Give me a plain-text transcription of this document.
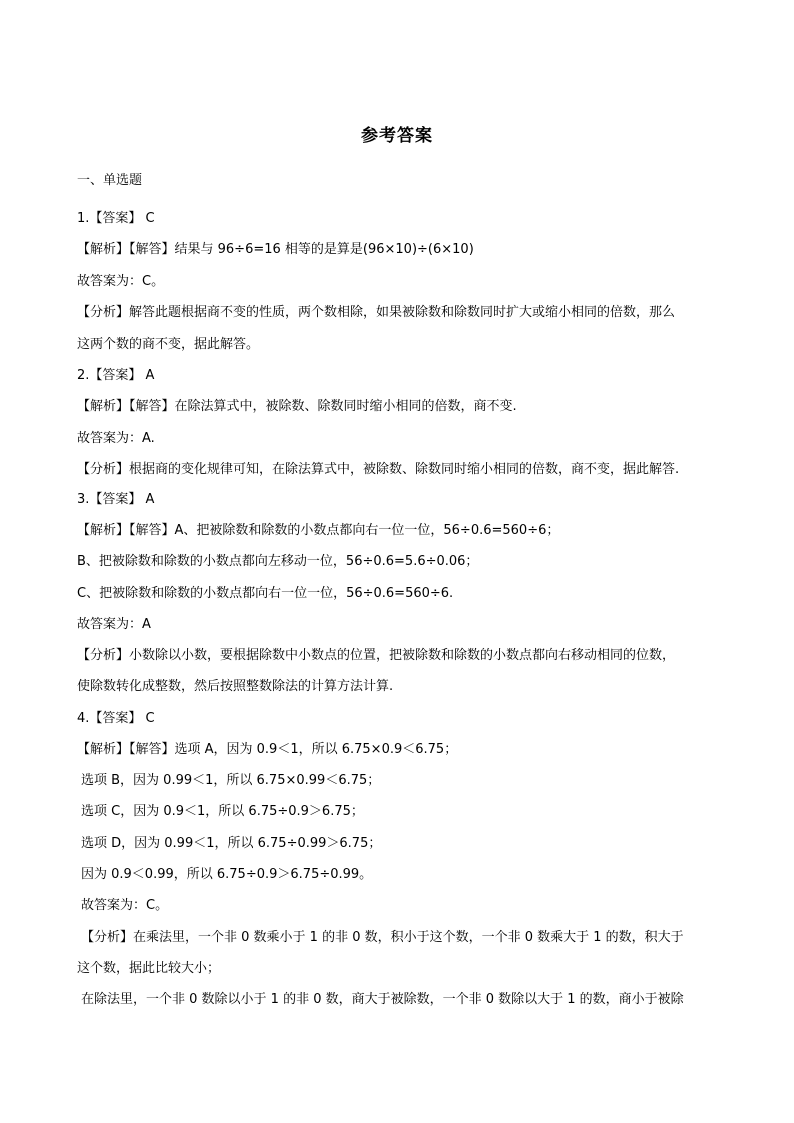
参考答案
一、单选题
1.【答案】 C
【解析】【解答】结果与 96÷6=16 相等的是算是(96×10)÷(6×10)
故答案为：C。
【分析】解答此题根据商不变的性质，两个数相除，如果被除数和除数同时扩大或缩小相同的倍数，那么
这两个数的商不变，据此解答。
2.【答案】 A
【解析】【解答】在除法算式中，被除数、除数同时缩小相同的倍数，商不变.
故答案为：A.
【分析】根据商的变化规律可知，在除法算式中，被除数、除数同时缩小相同的倍数，商不变，据此解答.
3.【答案】 A
【解析】【解答】A、把被除数和除数的小数点都向右一位一位，56÷0.6=560÷6；
B、把被除数和除数的小数点都向左移动一位，56÷0.6=5.6÷0.06；
C、把被除数和除数的小数点都向右一位一位，56÷0.6=560÷6.
故答案为：A
【分析】小数除以小数，要根据除数中小数点的位置，把被除数和除数的小数点都向右移动相同的位数，
使除数转化成整数，然后按照整数除法的计算方法计算.
4.【答案】 C
【解析】【解答】选项 A，因为 0.9＜1，所以 6.75×0.9＜6.75；
选项 B，因为 0.99＜1，所以 6.75×0.99＜6.75；
选项 C，因为 0.9＜1，所以 6.75÷0.9＞6.75；
选项 D，因为 0.99＜1，所以 6.75÷0.99＞6.75；
因为 0.9＜0.99，所以 6.75÷0.9＞6.75÷0.99。
故答案为：C。
【分析】在乘法里，一个非 0 数乘小于 1 的非 0 数，积小于这个数，一个非 0 数乘大于 1 的数，积大于
这个数，据此比较大小；
在除法里，一个非 0 数除以小于 1 的非 0 数，商大于被除数，一个非 0 数除以大于 1 的数，商小于被除
